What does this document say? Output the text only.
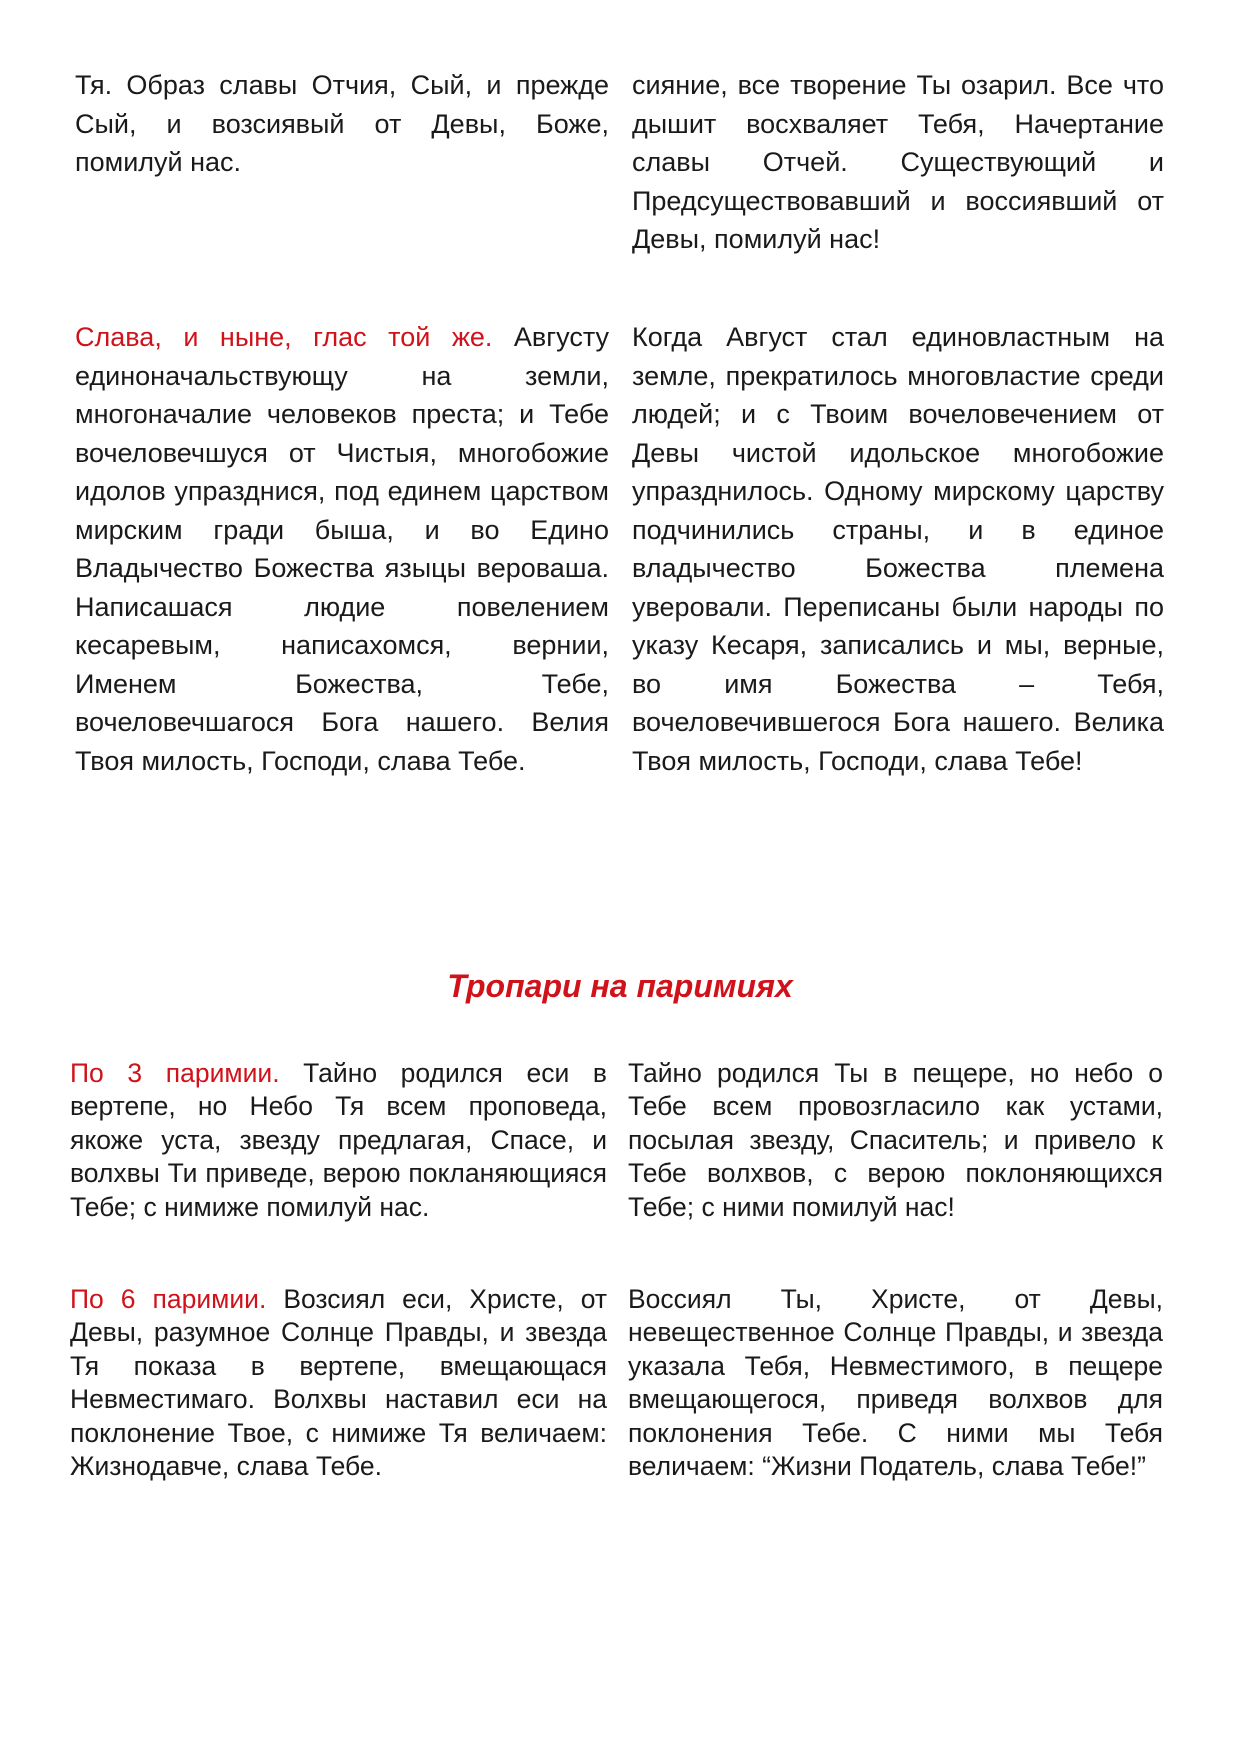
Тя. Образ славы Отчия, Сый, и прежде Сый, и возсиявый от Девы, Боже, помилуй нас.

сияние, все творение Ты озарил. Все что дышит восхваляет Тебя, Начертание славы Отчей. Существующий и Предсуществовавший и воссиявший от Девы, помилуй нас!

Слава, и ныне, глас той же. Августу единоначальствующу на земли, многоначалие человеков преста; и Тебе вочеловечшуся от Чистыя, многобожие идолов упразднися, под единем царством мирским гради быша, и во Едино Владычество Божества языцы вероваша. Написашася людие повелением кесаревым, написахомся, вернии, Именем Божества, Тебе, вочеловечшагося Бога нашего. Велия Твоя милость, Господи, слава Тебе.

Когда Август стал единовластным на земле, прекратилось многовластие среди людей; и с Твоим вочеловечением от Девы чистой идольское многобожие упразднилось. Одному мирскому царству подчинились страны, и в единое владычество Божества племена уверовали. Переписаны были народы по указу Кесаря, записались и мы, верные, во имя Божества – Тебя, вочеловечившегося Бога нашего. Велика Твоя милость, Господи, слава Тебе!

Тропари на паримиях

По 3 паримии. Тайно родился еси в вертепе, но Небо Тя всем проповеда, якоже уста, звезду предлагая, Спасе, и волхвы Ти приведе, верою покланяющияся Тебе; с нимиже помилуй нас.

Тайно родился Ты в пещере, но небо о Тебе всем провозгласило как устами, посылая звезду, Спаситель; и привело к Тебе волхвов, с верою поклоняющихся Тебе; с ними помилуй нас!

По 6 паримии. Возсиял еси, Христе, от Девы, разумное Солнце Правды, и звезда Тя показа в вертепе, вмещающася Невместимаго. Волхвы наставил еси на поклонение Твое, с нимиже Тя величаем: Жизнодавче, слава Тебе.

Воссиял Ты, Христе, от Девы, невещественное Солнце Правды, и звезда указала Тебя, Невместимого, в пещере вмещающегося, приведя волхвов для поклонения Тебе. С ними мы Тебя величаем: “Жизни Податель, слава Тебе!”
